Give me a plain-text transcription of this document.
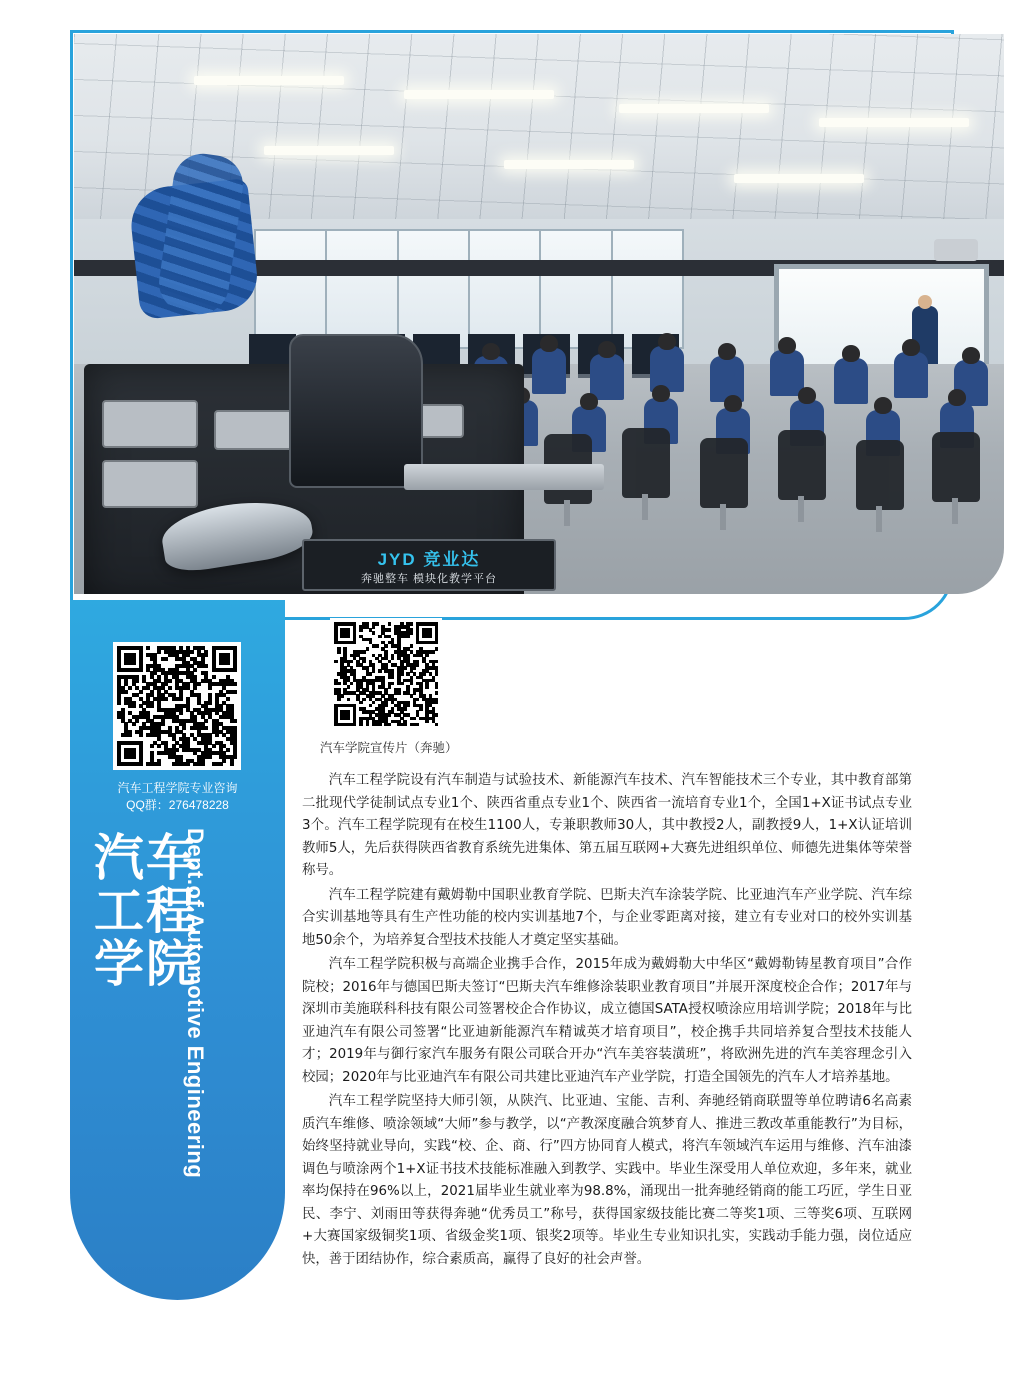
JYD 竞业达
奔驰整车 模块化教学平台
汽车工程学院专业咨询
QQ群：276478228
汽车工程学院
Dept.of Automotive Engineering
汽车学院宣传片（奔驰）

汽车工程学院设有汽车制造与试验技术、新能源汽车技术、汽车智能技术三个专业，其中教育部第二批现代学徒制试点专业1个、陕西省重点专业1个、陕西省一流培育专业1个，全国1+X证书试点专业3个。汽车工程学院现有在校生1100人，专兼职教师30人，其中教授2人，副教授9人，1+X认证培训教师5人，先后获得陕西省教育系统先进集体、第五届互联网+大赛先进组织单位、师德先进集体等荣誉称号。

汽车工程学院建有戴姆勒中国职业教育学院、巴斯夫汽车涂装学院、比亚迪汽车产业学院、汽车综合实训基地等具有生产性功能的校内实训基地7个，与企业零距离对接，建立有专业对口的校外实训基地50余个，为培养复合型技术技能人才奠定坚实基础。

汽车工程学院积极与高端企业携手合作，2015年成为戴姆勒大中华区“戴姆勒铸星教育项目”合作院校；2016年与德国巴斯夫签订“巴斯夫汽车维修涂装职业教育项目”并展开深度校企合作；2017年与深圳市美施联科科技有限公司签署校企合作协议，成立德国SATA授权喷涂应用培训学院；2018年与比亚迪汽车有限公司签署“比亚迪新能源汽车精诚英才培育项目”，校企携手共同培养复合型技术技能人才；2019年与御行家汽车服务有限公司联合开办“汽车美容装潢班”，将欧洲先进的汽车美容理念引入校园；2020年与比亚迪汽车有限公司共建比亚迪汽车产业学院，打造全国领先的汽车人才培养基地。

汽车工程学院坚持大师引领，从陕汽、比亚迪、宝能、吉利、奔驰经销商联盟等单位聘请6名高素质汽车维修、喷涂领域“大师”参与教学，以“产教深度融合筑梦育人、推进三教改革重能教行”为目标，始终坚持就业导向，实践“校、企、商、行”四方协同育人模式，将汽车领域汽车运用与维修、汽车油漆调色与喷涂两个1+X证书技术技能标准融入到教学、实践中。毕业生深受用人单位欢迎，多年来，就业率均保持在96%以上，2021届毕业生就业率为98.8%，涌现出一批奔驰经销商的能工巧匠，学生日亚民、李宁、刘雨田等获得奔驰“优秀员工”称号，获得国家级技能比赛二等奖1项、三等奖6项、互联网+大赛国家级铜奖1项、省级金奖1项、银奖2项等。毕业生专业知识扎实，实践动手能力强，岗位适应快，善于团结协作，综合素质高，赢得了良好的社会声誉。
